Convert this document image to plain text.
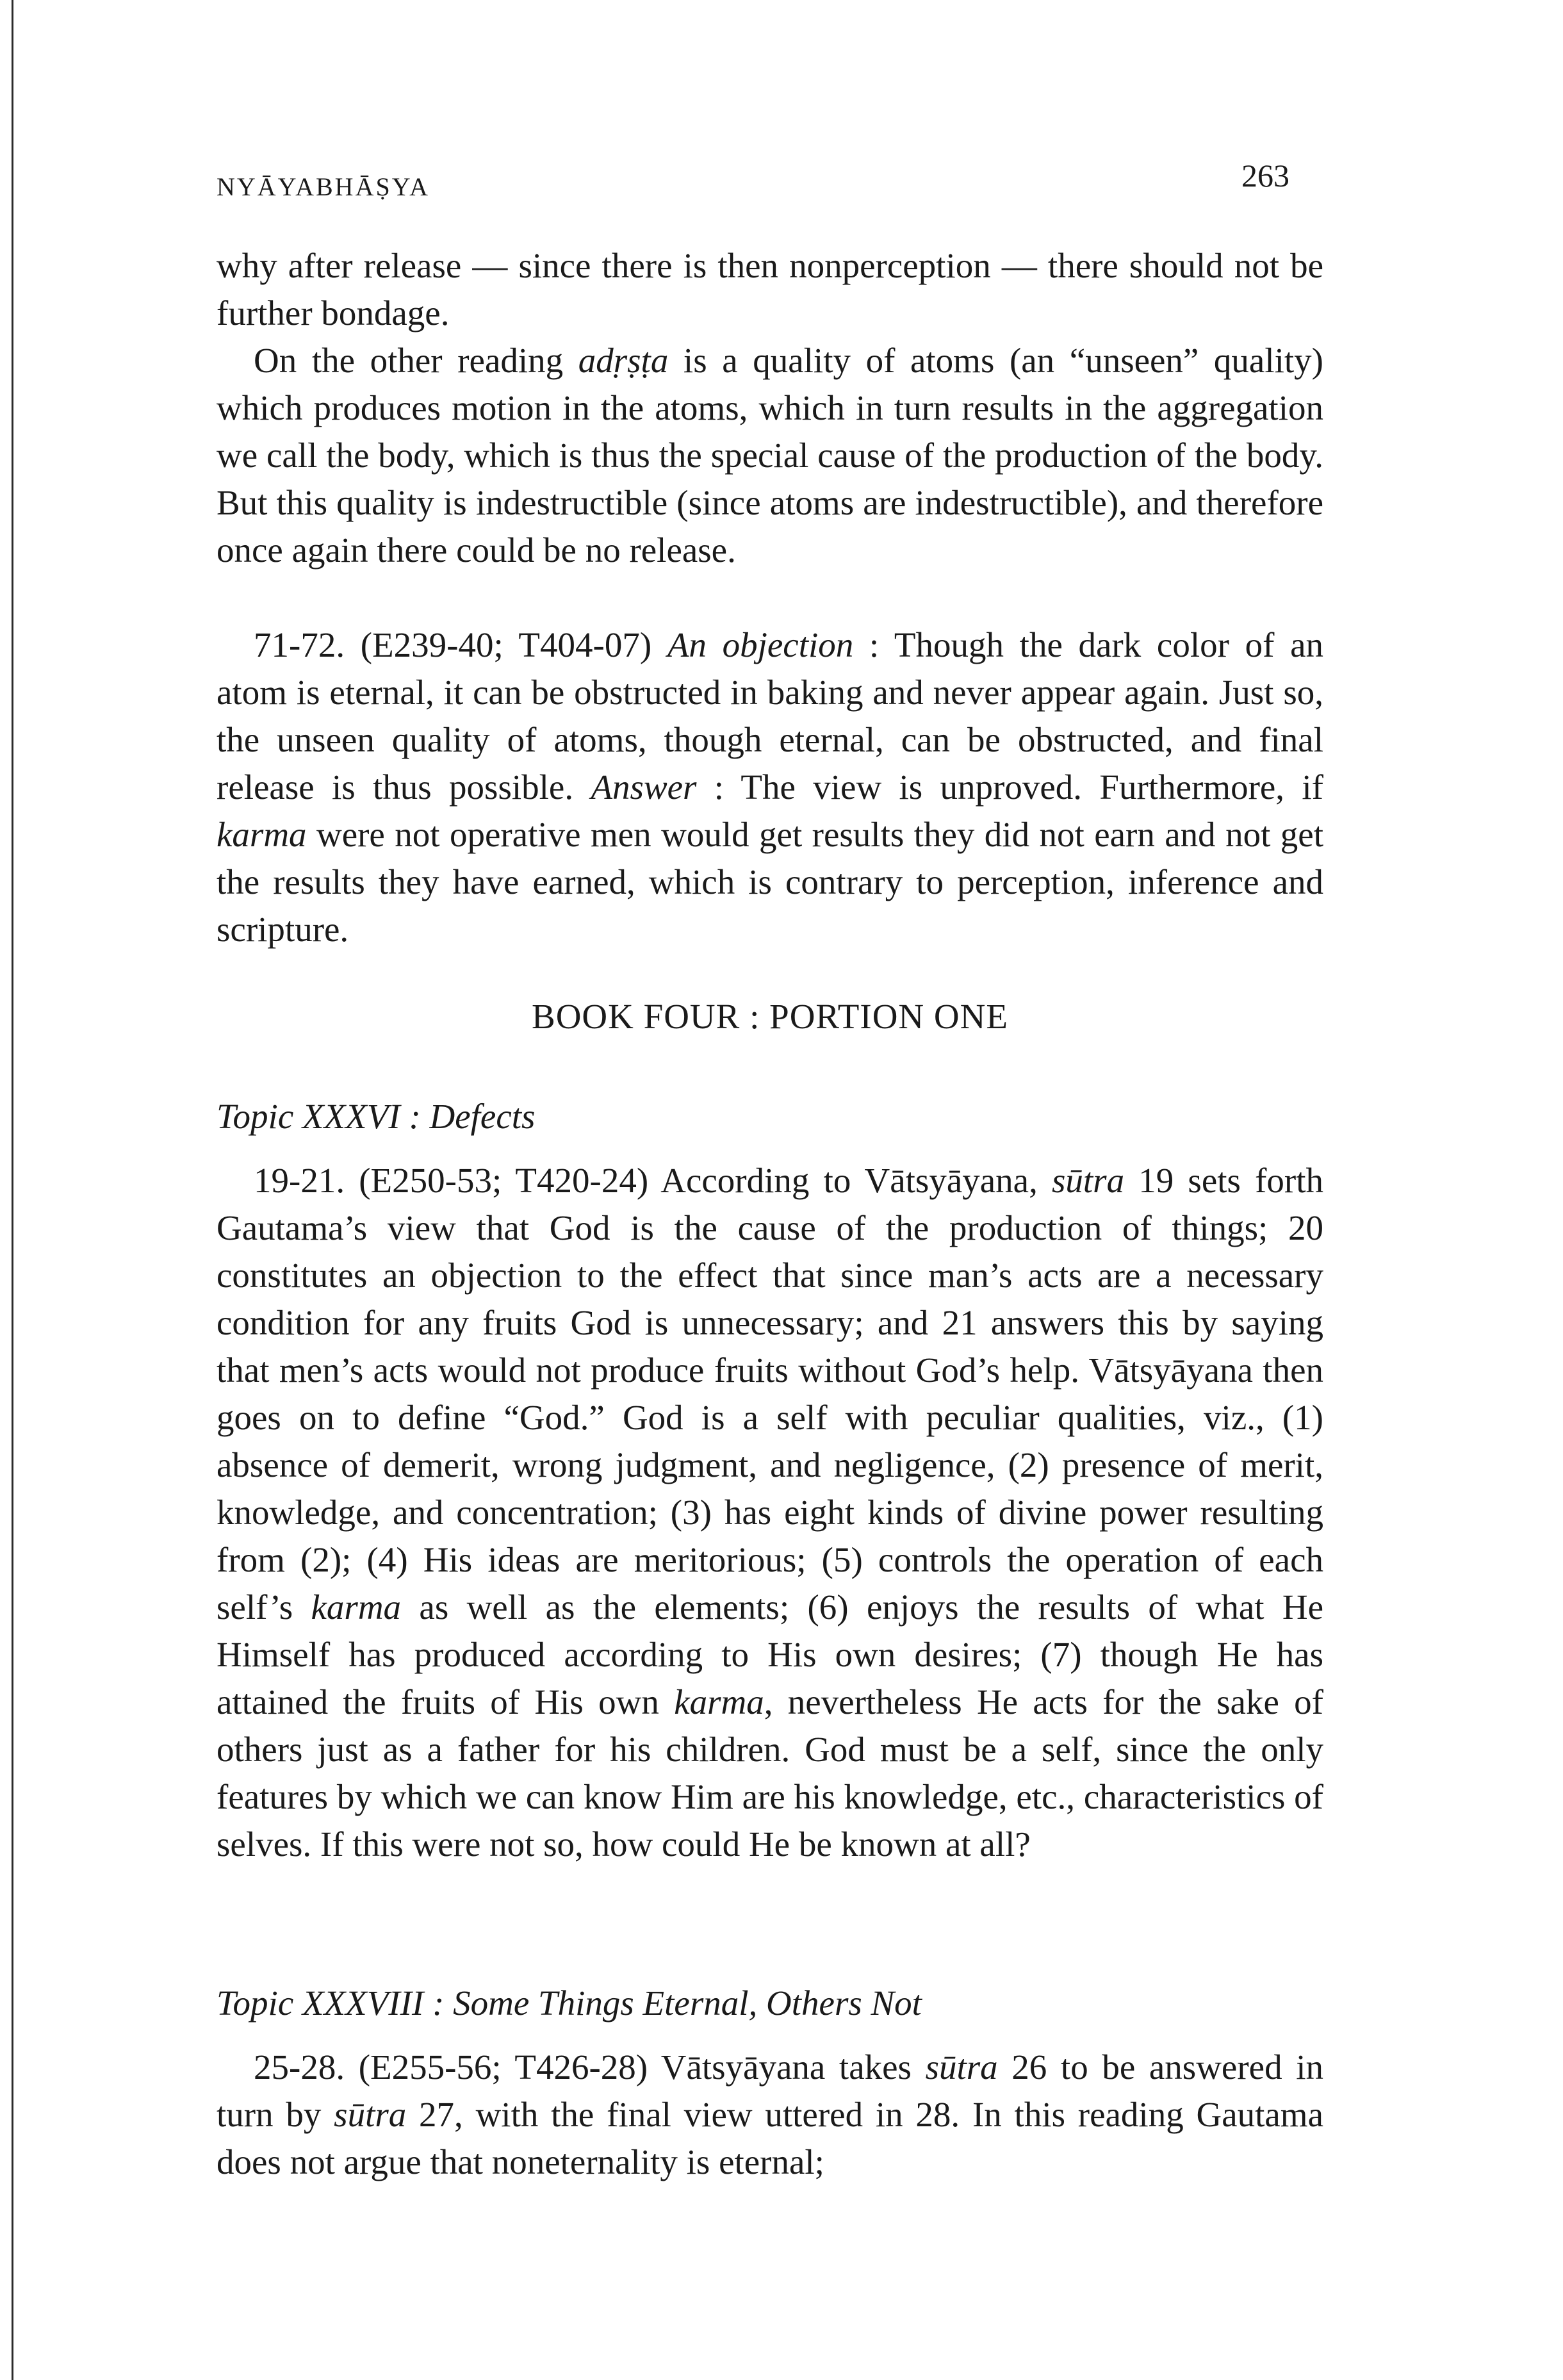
NYĀYABHĀṢYA	263

why after release — since there is then nonperception — there should not be further bondage.

On the other reading adṛṣṭa is a quality of atoms (an “unseen” quality) which produces motion in the atoms, which in turn results in the aggregation we call the body, which is thus the special cause of the production of the body. But this quality is indestructible (since atoms are indestructible), and therefore once again there could be no release.

71-72. (E239-40; T404-07) An objection : Though the dark color of an atom is eternal, it can be obstructed in baking and never appear again. Just so, the unseen quality of atoms, though eternal, can be obstructed, and final release is thus possible. Answer : The view is unproved. Furthermore, if karma were not operative men would get results they did not earn and not get the results they have earned, which is contrary to perception, inference and scripture.

BOOK FOUR : PORTION ONE
Topic XXXVI : Defects

19-21. (E250-53; T420-24) According to Vātsyāyana, sūtra 19 sets forth Gautama’s view that God is the cause of the production of things; 20 constitutes an objection to the effect that since man’s acts are a necessary condition for any fruits God is unnecessary; and 21 answers this by saying that men’s acts would not produce fruits without God’s help. Vātsyāyana then goes on to define “God.” God is a self with peculiar qualities, viz., (1) absence of demerit, wrong judgment, and negligence, (2) presence of merit, knowledge, and concentration; (3) has eight kinds of divine power resulting from (2); (4) His ideas are meritorious; (5) controls the operation of each self’s karma as well as the elements; (6) enjoys the results of what He Himself has produced according to His own desires; (7) though He has attained the fruits of His own karma, nevertheless He acts for the sake of others just as a father for his children. God must be a self, since the only features by which we can know Him are his knowledge, etc., characteristics of selves. If this were not so, how could He be known at all?

Topic XXXVIII : Some Things Eternal, Others Not

25-28. (E255-56; T426-28) Vātsyāyana takes sūtra 26 to be answered in turn by sūtra 27, with the final view uttered in 28. In this reading Gautama does not argue that noneternality is eternal;
